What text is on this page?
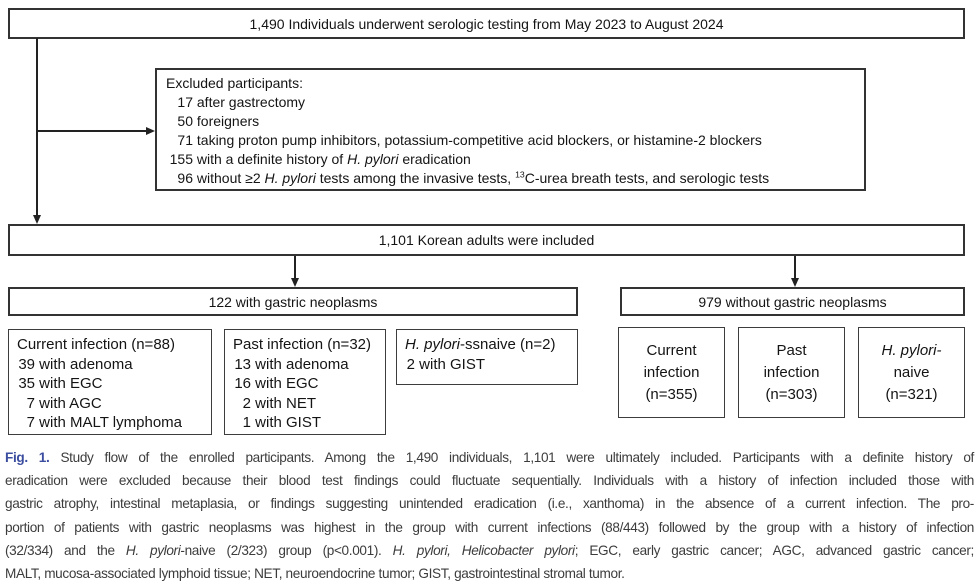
1,490 Individuals underwent serologic testing from May 2023 to August 2024
Excluded participants:
17 after gastrectomy
50 foreigners
71 taking proton pump inhibitors, potassium-competitive acid blockers, or histamine-2 blockers
155 with a definite history of H. pylori eradication
96 without ≥2 H. pylori tests among the invasive tests, $^{13}$C-urea breath tests, and serologic tests
1,101 Korean adults were included
122 with gastric neoplasms	979 without gastric neoplasms
Current infection (n=88)
39 with adenoma
35 with EGC
7 with AGC
7 with MALT lymphoma
Past infection (n=32)
13 with adenoma
16 with EGC
2 with NET
1 with GIST
H. pylori-ssnaive (n=2)
2 with GIST
Current
infection
(n=355)
Past
infection
(n=303)
H. pylori-
naive
(n=321)
Fig. 1. Study flow of the enrolled participants. Among the 1,490 individuals, 1,101 were ultimately included. Participants with a definite history of
eradication were excluded because their blood test findings could fluctuate sequentially. Individuals with a history of infection included those with
gastric atrophy, intestinal metaplasia, or findings suggesting unintended eradication (i.e., xanthoma) in the absence of a current infection. The pro-
portion of patients with gastric neoplasms was highest in the group with current infections (88/443) followed by the group with a history of infection
(32/334) and the H. pylori-naive (2/323) group (p<0.001). H. pylori, Helicobacter pylori; EGC, early gastric cancer; AGC, advanced gastric cancer;
MALT, mucosa-associated lymphoid tissue; NET, neuroendocrine tumor; GIST, gastrointestinal stromal tumor.
